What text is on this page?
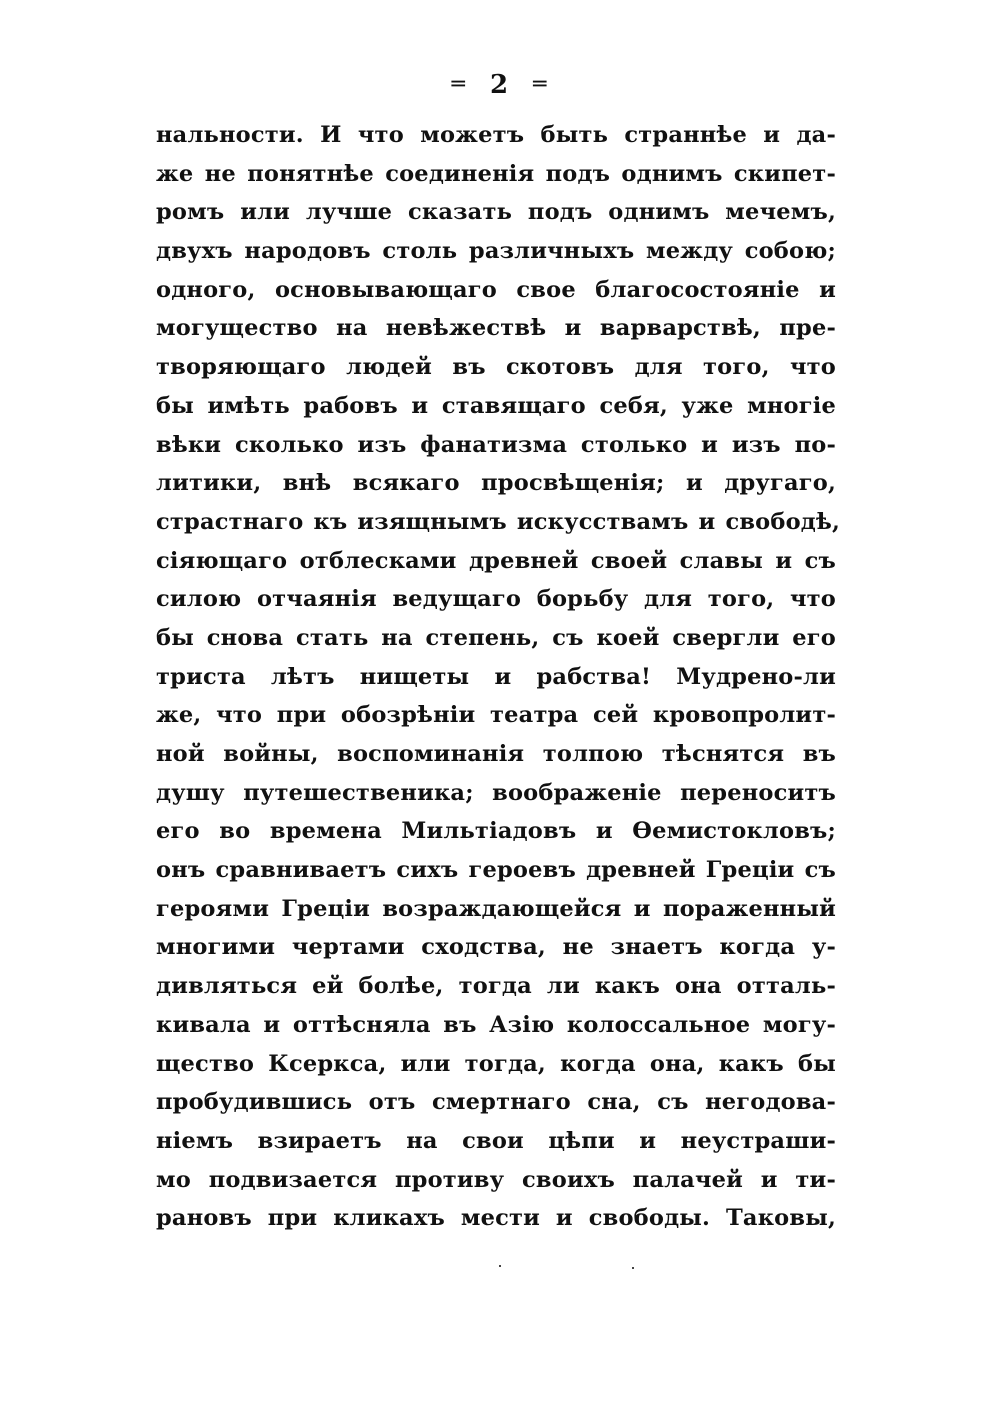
═ 2 ═
нальности. И что можетъ быть страннѣе и да-
же не понятнѣе соединенія подъ однимъ скипет-
ромъ или лучше сказать подъ однимъ мечемъ,
двухъ народовъ столь различныхъ между собою;
одного, основывающаго свое благосостояніе и
могущество на невѣжествѣ и варварствѣ, пре-
творяющаго людей въ скотовъ для того, что
бы имѣть рабовъ и ставящаго себя, уже многіе
вѣки сколько изъ фанатизма столько и изъ по-
литики, внѣ всякаго просвѣщенія; и другаго,
страстнаго къ изящнымъ искусствамъ и свободѣ,
сіяющаго отблесками древней своей славы и съ
силою отчаянія ведущаго борьбу для того, что
бы снова стать на степень, съ коей свергли его
триста лѣтъ нищеты и рабства! Мудрено-ли
же, что при обозрѣніи театра сей кровопролит-
ной войны, воспоминанія толпою тѣснятся въ
душу путешественика; воображеніе переноситъ
его во времена Мильтіадовъ и Ѳемистокловъ;
онъ сравниваетъ сихъ героевъ древней Греціи съ
героями Греціи возраждающейся и пораженный
многими чертами сходства, не знаетъ когда у-
дивляться ей болѣе, тогда ли какъ она отталь-
кивала и оттѣсняла въ Азію колоссальное могу-
щество Ксеркса, или тогда, когда она, какъ бы
пробудившись отъ смертнаго сна, съ негодова-
ніемъ взираетъ на свои цѣпи и неустраши-
мо подвизается противу своихъ палачей и ти-
рановъ при кликахъ мести и свободы. Таковы,
